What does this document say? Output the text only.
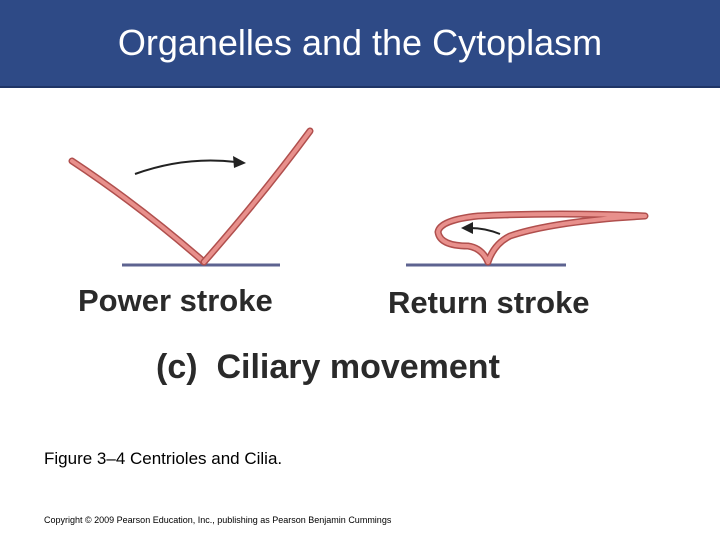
Organelles and the Cytoplasm
Power stroke	Return stroke
(c)  Ciliary movement
Figure 3–4 Centrioles and Cilia.
Copyright © 2009 Pearson Education, Inc., publishing as Pearson Benjamin Cummings
